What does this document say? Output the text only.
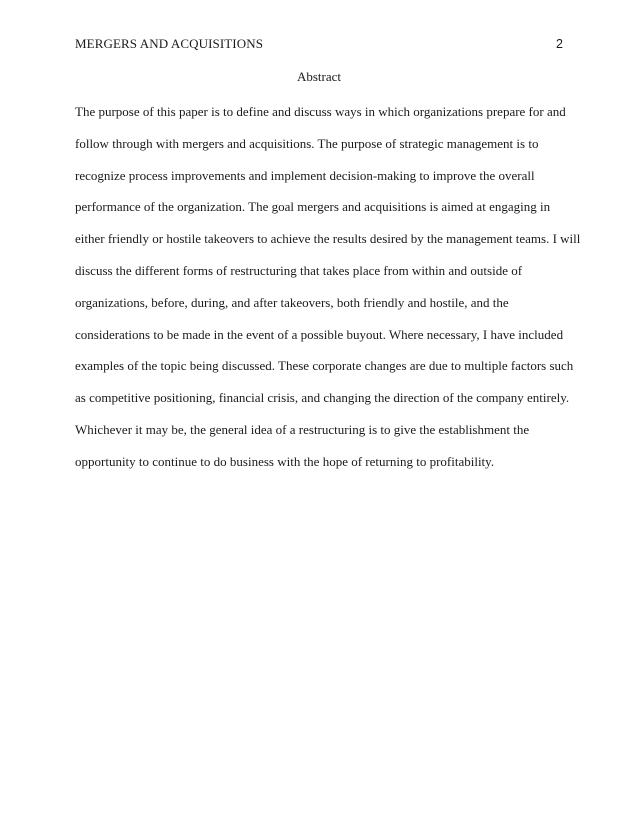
MERGERS AND ACQUISITIONS	2
Abstract

The purpose of this paper is to define and discuss ways in which organizations prepare for and
follow through with mergers and acquisitions. The purpose of strategic management is to
recognize process improvements and implement decision-making to improve the overall
performance of the organization. The goal mergers and acquisitions is aimed at engaging in
either friendly or hostile takeovers to achieve the results desired by the management teams. I will
discuss the different forms of restructuring that takes place from within and outside of
organizations, before, during, and after takeovers, both friendly and hostile, and the
considerations to be made in the event of a possible buyout. Where necessary, I have included
examples of the topic being discussed. These corporate changes are due to multiple factors such
as competitive positioning, financial crisis, and changing the direction of the company entirely.
Whichever it may be, the general idea of a restructuring is to give the establishment the
opportunity to continue to do business with the hope of returning to profitability.
